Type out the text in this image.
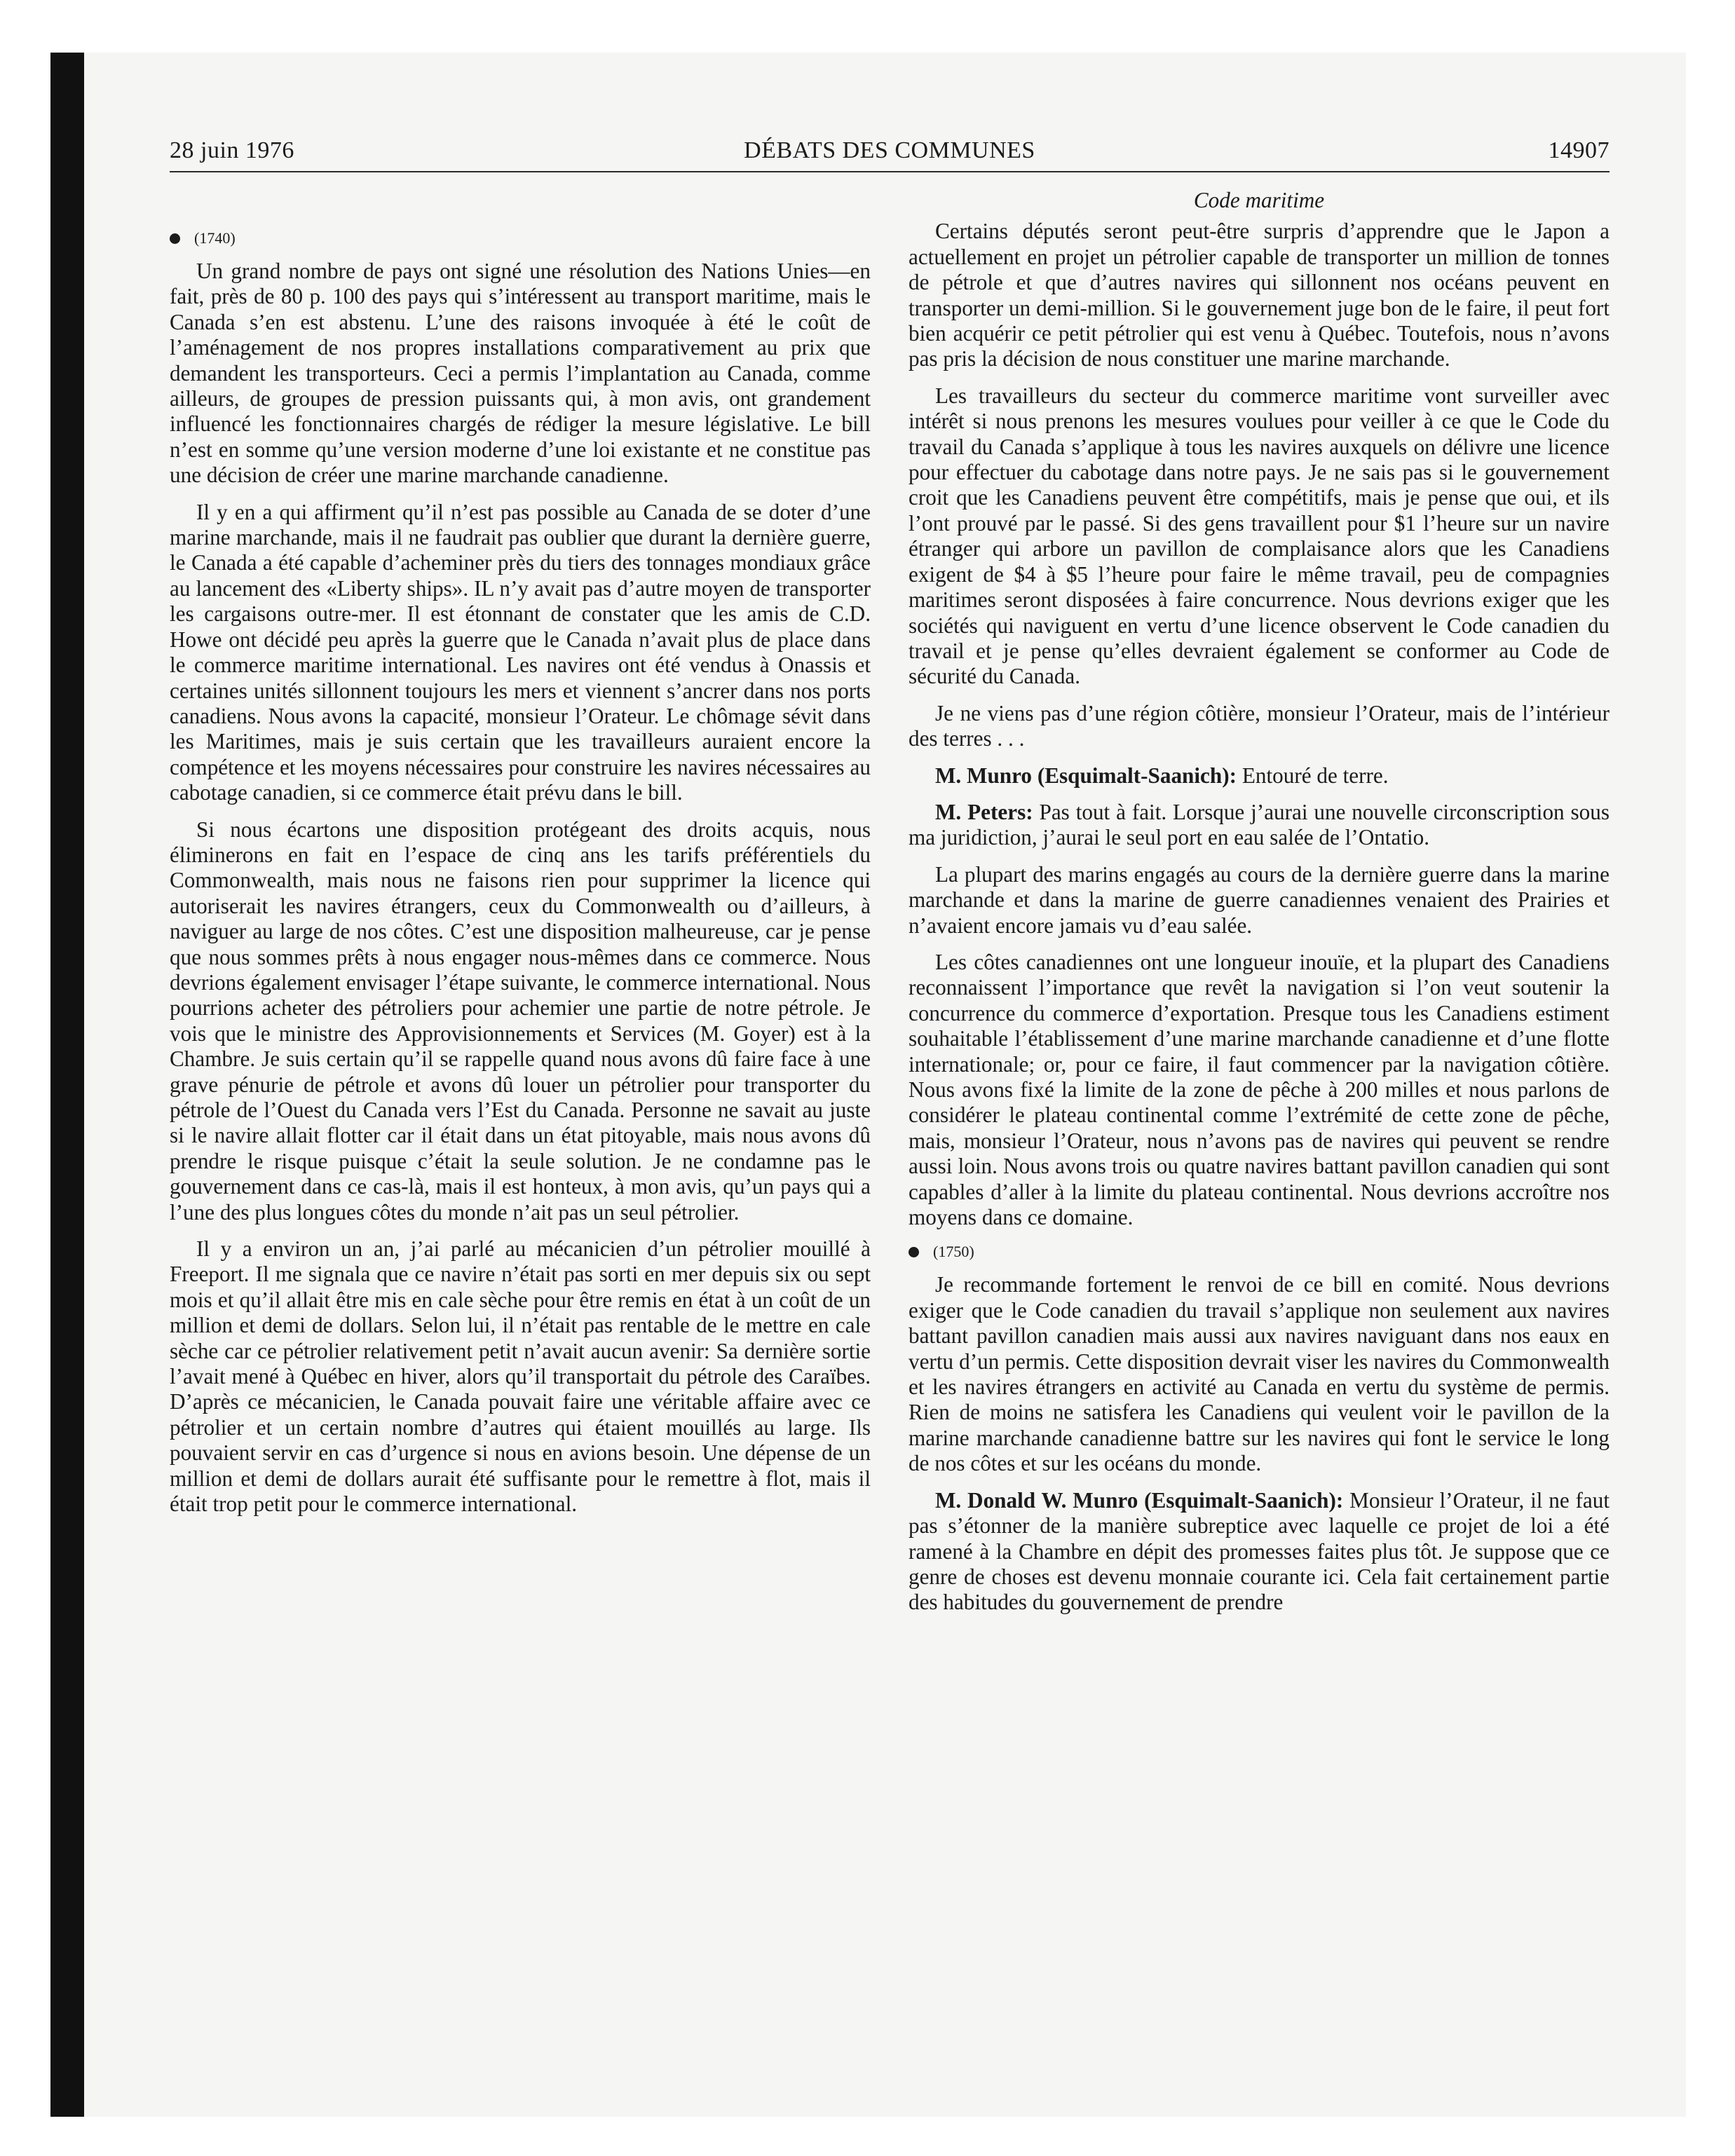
28 juin 1976	DÉBATS DES COMMUNES	14907
(1740)

Un grand nombre de pays ont signé une résolution des Nations Unies—en fait, près de 80 p. 100 des pays qui s’intéressent au transport maritime, mais le Canada s’en est abstenu. L’une des raisons invoquée à été le coût de l’aménagement de nos propres installations comparativement au prix que demandent les transporteurs. Ceci a permis l’implantation au Canada, comme ailleurs, de groupes de pression puissants qui, à mon avis, ont grandement influencé les fonctionnaires chargés de rédiger la mesure législative. Le bill n’est en somme qu’une version moderne d’une loi existante et ne constitue pas une décision de créer une marine marchande canadienne.

Il y en a qui affirment qu’il n’est pas possible au Canada de se doter d’une marine marchande, mais il ne faudrait pas oublier que durant la dernière guerre, le Canada a été capable d’acheminer près du tiers des tonnages mondiaux grâce au lancement des «Liberty ships». IL n’y avait pas d’autre moyen de transporter les cargaisons outre-mer. Il est étonnant de constater que les amis de C.D. Howe ont décidé peu après la guerre que le Canada n’avait plus de place dans le commerce maritime international. Les navires ont été vendus à Onassis et certaines unités sillonnent toujours les mers et viennent s’ancrer dans nos ports canadiens. Nous avons la capacité, monsieur l’Orateur. Le chômage sévit dans les Maritimes, mais je suis certain que les travailleurs auraient encore la compétence et les moyens nécessaires pour construire les navires nécessaires au cabotage canadien, si ce commerce était prévu dans le bill.

Si nous écartons une disposition protégeant des droits acquis, nous éliminerons en fait en l’espace de cinq ans les tarifs préférentiels du Commonwealth, mais nous ne faisons rien pour supprimer la licence qui autoriserait les navires étrangers, ceux du Commonwealth ou d’ailleurs, à naviguer au large de nos côtes. C’est une disposition malheureuse, car je pense que nous sommes prêts à nous engager nous-mêmes dans ce commerce. Nous devrions également envisager l’étape suivante, le commerce international. Nous pourrions acheter des pétroliers pour achemier une partie de notre pétrole. Je vois que le ministre des Approvisionnements et Services (M. Goyer) est à la Chambre. Je suis certain qu’il se rappelle quand nous avons dû faire face à une grave pénurie de pétrole et avons dû louer un pétrolier pour transporter du pétrole de l’Ouest du Canada vers l’Est du Canada. Personne ne savait au juste si le navire allait flotter car il était dans un état pitoyable, mais nous avons dû prendre le risque puisque c’était la seule solution. Je ne condamne pas le gouvernement dans ce cas-là, mais il est honteux, à mon avis, qu’un pays qui a l’une des plus longues côtes du monde n’ait pas un seul pétrolier.

Il y a environ un an, j’ai parlé au mécanicien d’un pétrolier mouillé à Freeport. Il me signala que ce navire n’était pas sorti en mer depuis six ou sept mois et qu’il allait être mis en cale sèche pour être remis en état à un coût de un million et demi de dollars. Selon lui, il n’était pas rentable de le mettre en cale sèche car ce pétrolier relativement petit n’avait aucun avenir: Sa dernière sortie l’avait mené à Québec en hiver, alors qu’il transportait du pétrole des Caraïbes. D’après ce mécanicien, le Canada pouvait faire une véritable affaire avec ce pétrolier et un certain nombre d’autres qui étaient mouillés au large. Ils pouvaient servir en cas d’urgence si nous en avions besoin. Une dépense de un million et demi de dollars aurait été suffisante pour le remettre à flot, mais il était trop petit pour le commerce international.

Code maritime

Certains députés seront peut-être surpris d’apprendre que le Japon a actuellement en projet un pétrolier capable de transporter un million de tonnes de pétrole et que d’autres navires qui sillonnent nos océans peuvent en transporter un demi-million. Si le gouvernement juge bon de le faire, il peut fort bien acquérir ce petit pétrolier qui est venu à Québec. Toutefois, nous n’avons pas pris la décision de nous constituer une marine marchande.

Les travailleurs du secteur du commerce maritime vont surveiller avec intérêt si nous prenons les mesures voulues pour veiller à ce que le Code du travail du Canada s’applique à tous les navires auxquels on délivre une licence pour effectuer du cabotage dans notre pays. Je ne sais pas si le gouvernement croit que les Canadiens peuvent être compétitifs, mais je pense que oui, et ils l’ont prouvé par le passé. Si des gens travaillent pour $1 l’heure sur un navire étranger qui arbore un pavillon de complaisance alors que les Canadiens exigent de $4 à $5 l’heure pour faire le même travail, peu de compagnies maritimes seront disposées à faire concurrence. Nous devrions exiger que les sociétés qui naviguent en vertu d’une licence observent le Code canadien du travail et je pense qu’elles devraient également se conformer au Code de sécurité du Canada.

Je ne viens pas d’une région côtière, monsieur l’Orateur, mais de l’intérieur des terres . . .

M. Munro (Esquimalt-Saanich): Entouré de terre.

M. Peters: Pas tout à fait. Lorsque j’aurai une nouvelle circonscription sous ma juridiction, j’aurai le seul port en eau salée de l’Ontatio.

La plupart des marins engagés au cours de la dernière guerre dans la marine marchande et dans la marine de guerre canadiennes venaient des Prairies et n’avaient encore jamais vu d’eau salée.

Les côtes canadiennes ont une longueur inouïe, et la plupart des Canadiens reconnaissent l’importance que revêt la navigation si l’on veut soutenir la concurrence du commerce d’exportation. Presque tous les Canadiens estiment souhaitable l’établissement d’une marine marchande canadienne et d’une flotte internationale; or, pour ce faire, il faut commencer par la navigation côtière. Nous avons fixé la limite de la zone de pêche à 200 milles et nous parlons de considérer le plateau continental comme l’extrémité de cette zone de pêche, mais, monsieur l’Orateur, nous n’avons pas de navires qui peuvent se rendre aussi loin. Nous avons trois ou quatre navires battant pavillon canadien qui sont capables d’aller à la limite du plateau continental. Nous devrions accroître nos moyens dans ce domaine.

(1750)

Je recommande fortement le renvoi de ce bill en comité. Nous devrions exiger que le Code canadien du travail s’applique non seulement aux navires battant pavillon canadien mais aussi aux navires naviguant dans nos eaux en vertu d’un permis. Cette disposition devrait viser les navires du Commonwealth et les navires étrangers en activité au Canada en vertu du système de permis. Rien de moins ne satisfera les Canadiens qui veulent voir le pavillon de la marine marchande canadienne battre sur les navires qui font le service le long de nos côtes et sur les océans du monde.

M. Donald W. Munro (Esquimalt-Saanich): Monsieur l’Orateur, il ne faut pas s’étonner de la manière subreptice avec laquelle ce projet de loi a été ramené à la Chambre en dépit des promesses faites plus tôt. Je suppose que ce genre de choses est devenu monnaie courante ici. Cela fait certainement partie des habitudes du gouvernement de prendre
